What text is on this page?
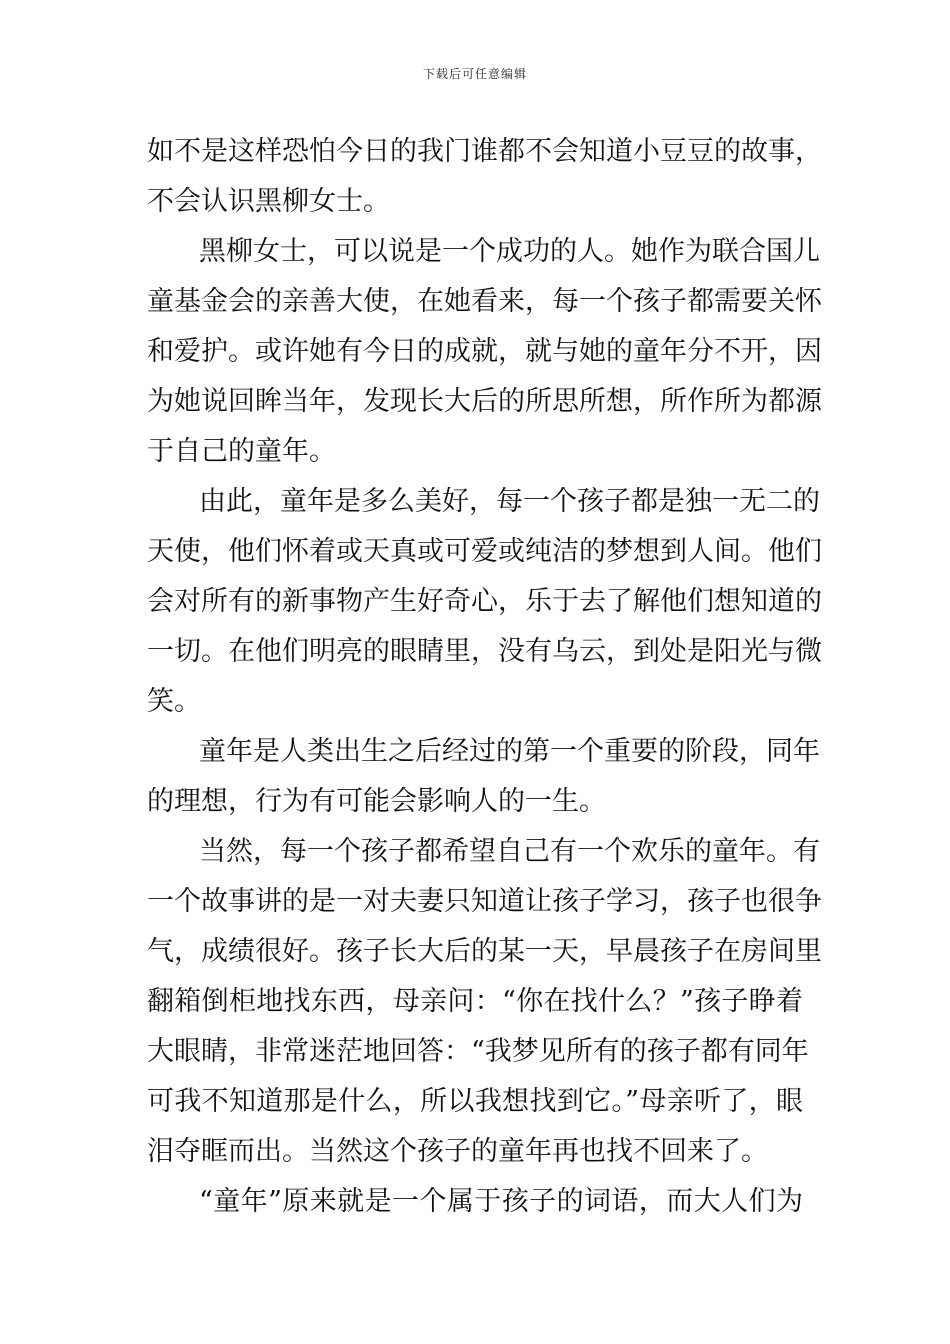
下载后可任意编辑
如不是这样恐怕今日的我门谁都不会知道小豆豆的故事，
不会认识黑柳女士。
黑柳女士，可以说是一个成功的人。她作为联合国儿
童基金会的亲善大使，在她看来，每一个孩子都需要关怀
和爱护。或许她有今日的成就，就与她的童年分不开，因
为她说回眸当年，发现长大后的所思所想，所作所为都源
于自己的童年。
由此，童年是多么美好，每一个孩子都是独一无二的
天使，他们怀着或天真或可爱或纯洁的梦想到人间。他们
会对所有的新事物产生好奇心，乐于去了解他们想知道的
一切。在他们明亮的眼睛里，没有乌云，到处是阳光与微
笑。
童年是人类出生之后经过的第一个重要的阶段，同年
的理想，行为有可能会影响人的一生。
当然，每一个孩子都希望自己有一个欢乐的童年。有
一个故事讲的是一对夫妻只知道让孩子学习，孩子也很争
气，成绩很好。孩子长大后的某一天，早晨孩子在房间里
翻箱倒柜地找东西，母亲问：“你在找什么？”孩子睁着
大眼睛，非常迷茫地回答：“我梦见所有的孩子都有同年
可我不知道那是什么，所以我想找到它。”母亲听了，眼
泪夺眶而出。当然这个孩子的童年再也找不回来了。
“童年”原来就是一个属于孩子的词语，而大人们为
